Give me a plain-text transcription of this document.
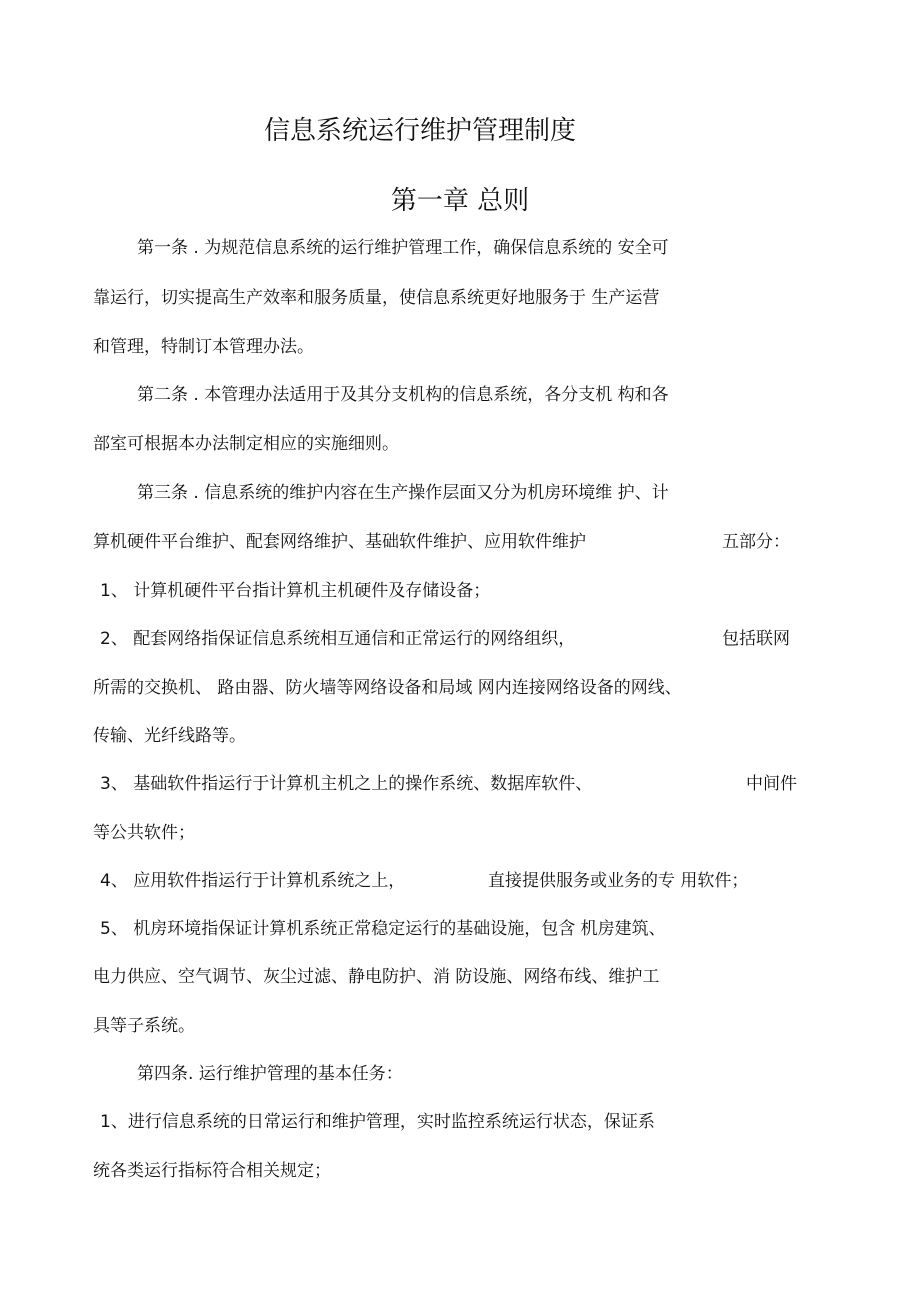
信息系统运行维护管理制度
第一章 总则

第一条 . 为规范信息系统的运行维护管理工作，确保信息系统的 安全可

靠运行，切实提高生产效率和服务质量，使信息系统更好地服务于 生产运营

和管理，特制订本管理办法。

第二条 . 本管理办法适用于及其分支机构的信息系统，各分支机 构和各

部室可根据本办法制定相应的实施细则。

第三条 . 信息系统的维护内容在生产操作层面又分为机房环境维 护、计

算机硬件平台维护、配套网络维护、基础软件维护、应用软件维护	五部分：

1、 计算机硬件平台指计算机主机硬件及存储设备；

2、 配套网络指保证信息系统相互通信和正常运行的网络组织，	包括联网

所需的交换机、 路由器、防火墙等网络设备和局域 网内连接网络设备的网线、

传输、光纤线路等。

3、 基础软件指运行于计算机主机之上的操作系统、数据库软件、	中间件

等公共软件；

4、 应用软件指运行于计算机系统之上，	直接提供服务或业务的专 用软件；

5、 机房环境指保证计算机系统正常稳定运行的基础设施，包含 机房建筑、

电力供应、空气调节、灰尘过滤、静电防护、消 防设施、网络布线、维护工

具等子系统。

第四条. 运行维护管理的基本任务：

1、进行信息系统的日常运行和维护管理，实时监控系统运行状态，保证系

统各类运行指标符合相关规定；
